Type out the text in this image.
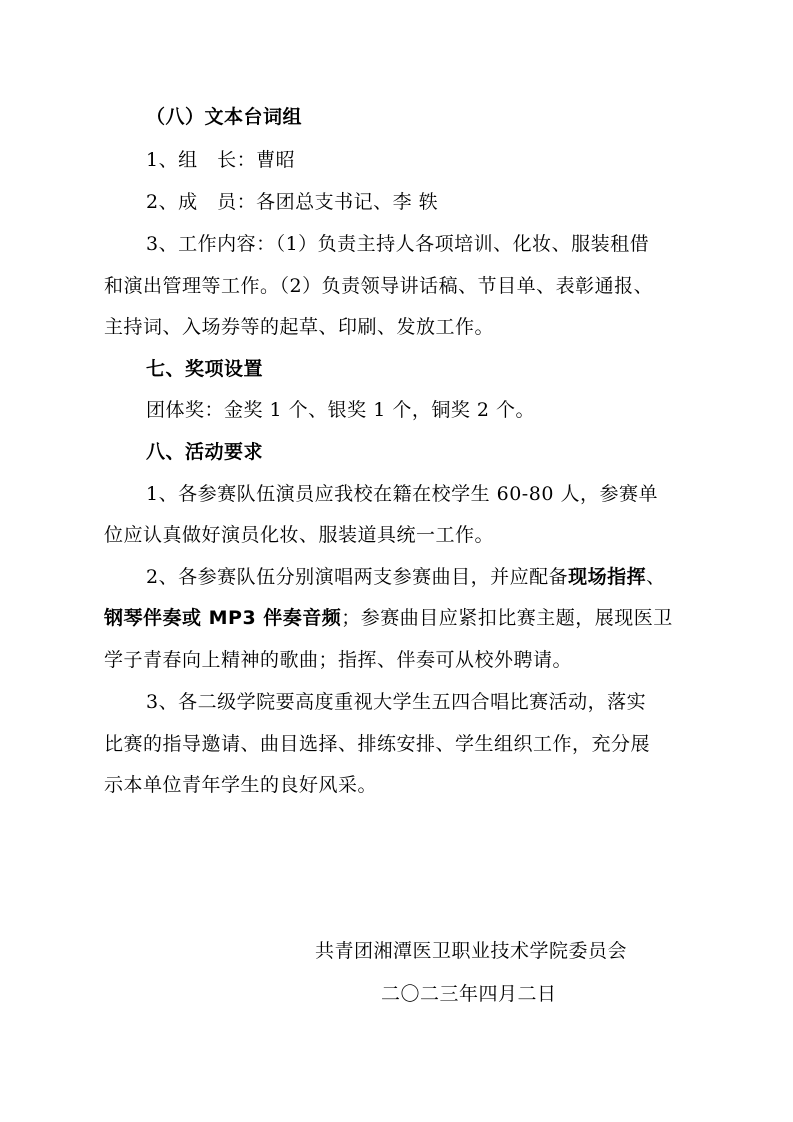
（八）文本台词组
1、组　长：曹昭
2、成　员：各团总支书记、李 轶
3、工作内容：（1）负责主持人各项培训、化妆、服装租借
和演出管理等工作。（2）负责领导讲话稿、节目单、表彰通报、
主持词、入场券等的起草、印刷、发放工作。
七、奖项设置
团体奖：金奖 1 个、银奖 1 个，铜奖 2 个。
八、活动要求
1、各参赛队伍演员应我校在籍在校学生 60-80 人，参赛单
位应认真做好演员化妆、服装道具统一工作。
2、各参赛队伍分别演唱两支参赛曲目，并应配备现场指挥、
钢琴伴奏或 MP3 伴奏音频；参赛曲目应紧扣比赛主题，展现医卫
学子青春向上精神的歌曲；指挥、伴奏可从校外聘请。
3、各二级学院要高度重视大学生五四合唱比赛活动，落实
比赛的指导邀请、曲目选择、排练安排、学生组织工作，充分展
示本单位青年学生的良好风采。
共青团湘潭医卫职业技术学院委员会
二〇二三年四月二日
